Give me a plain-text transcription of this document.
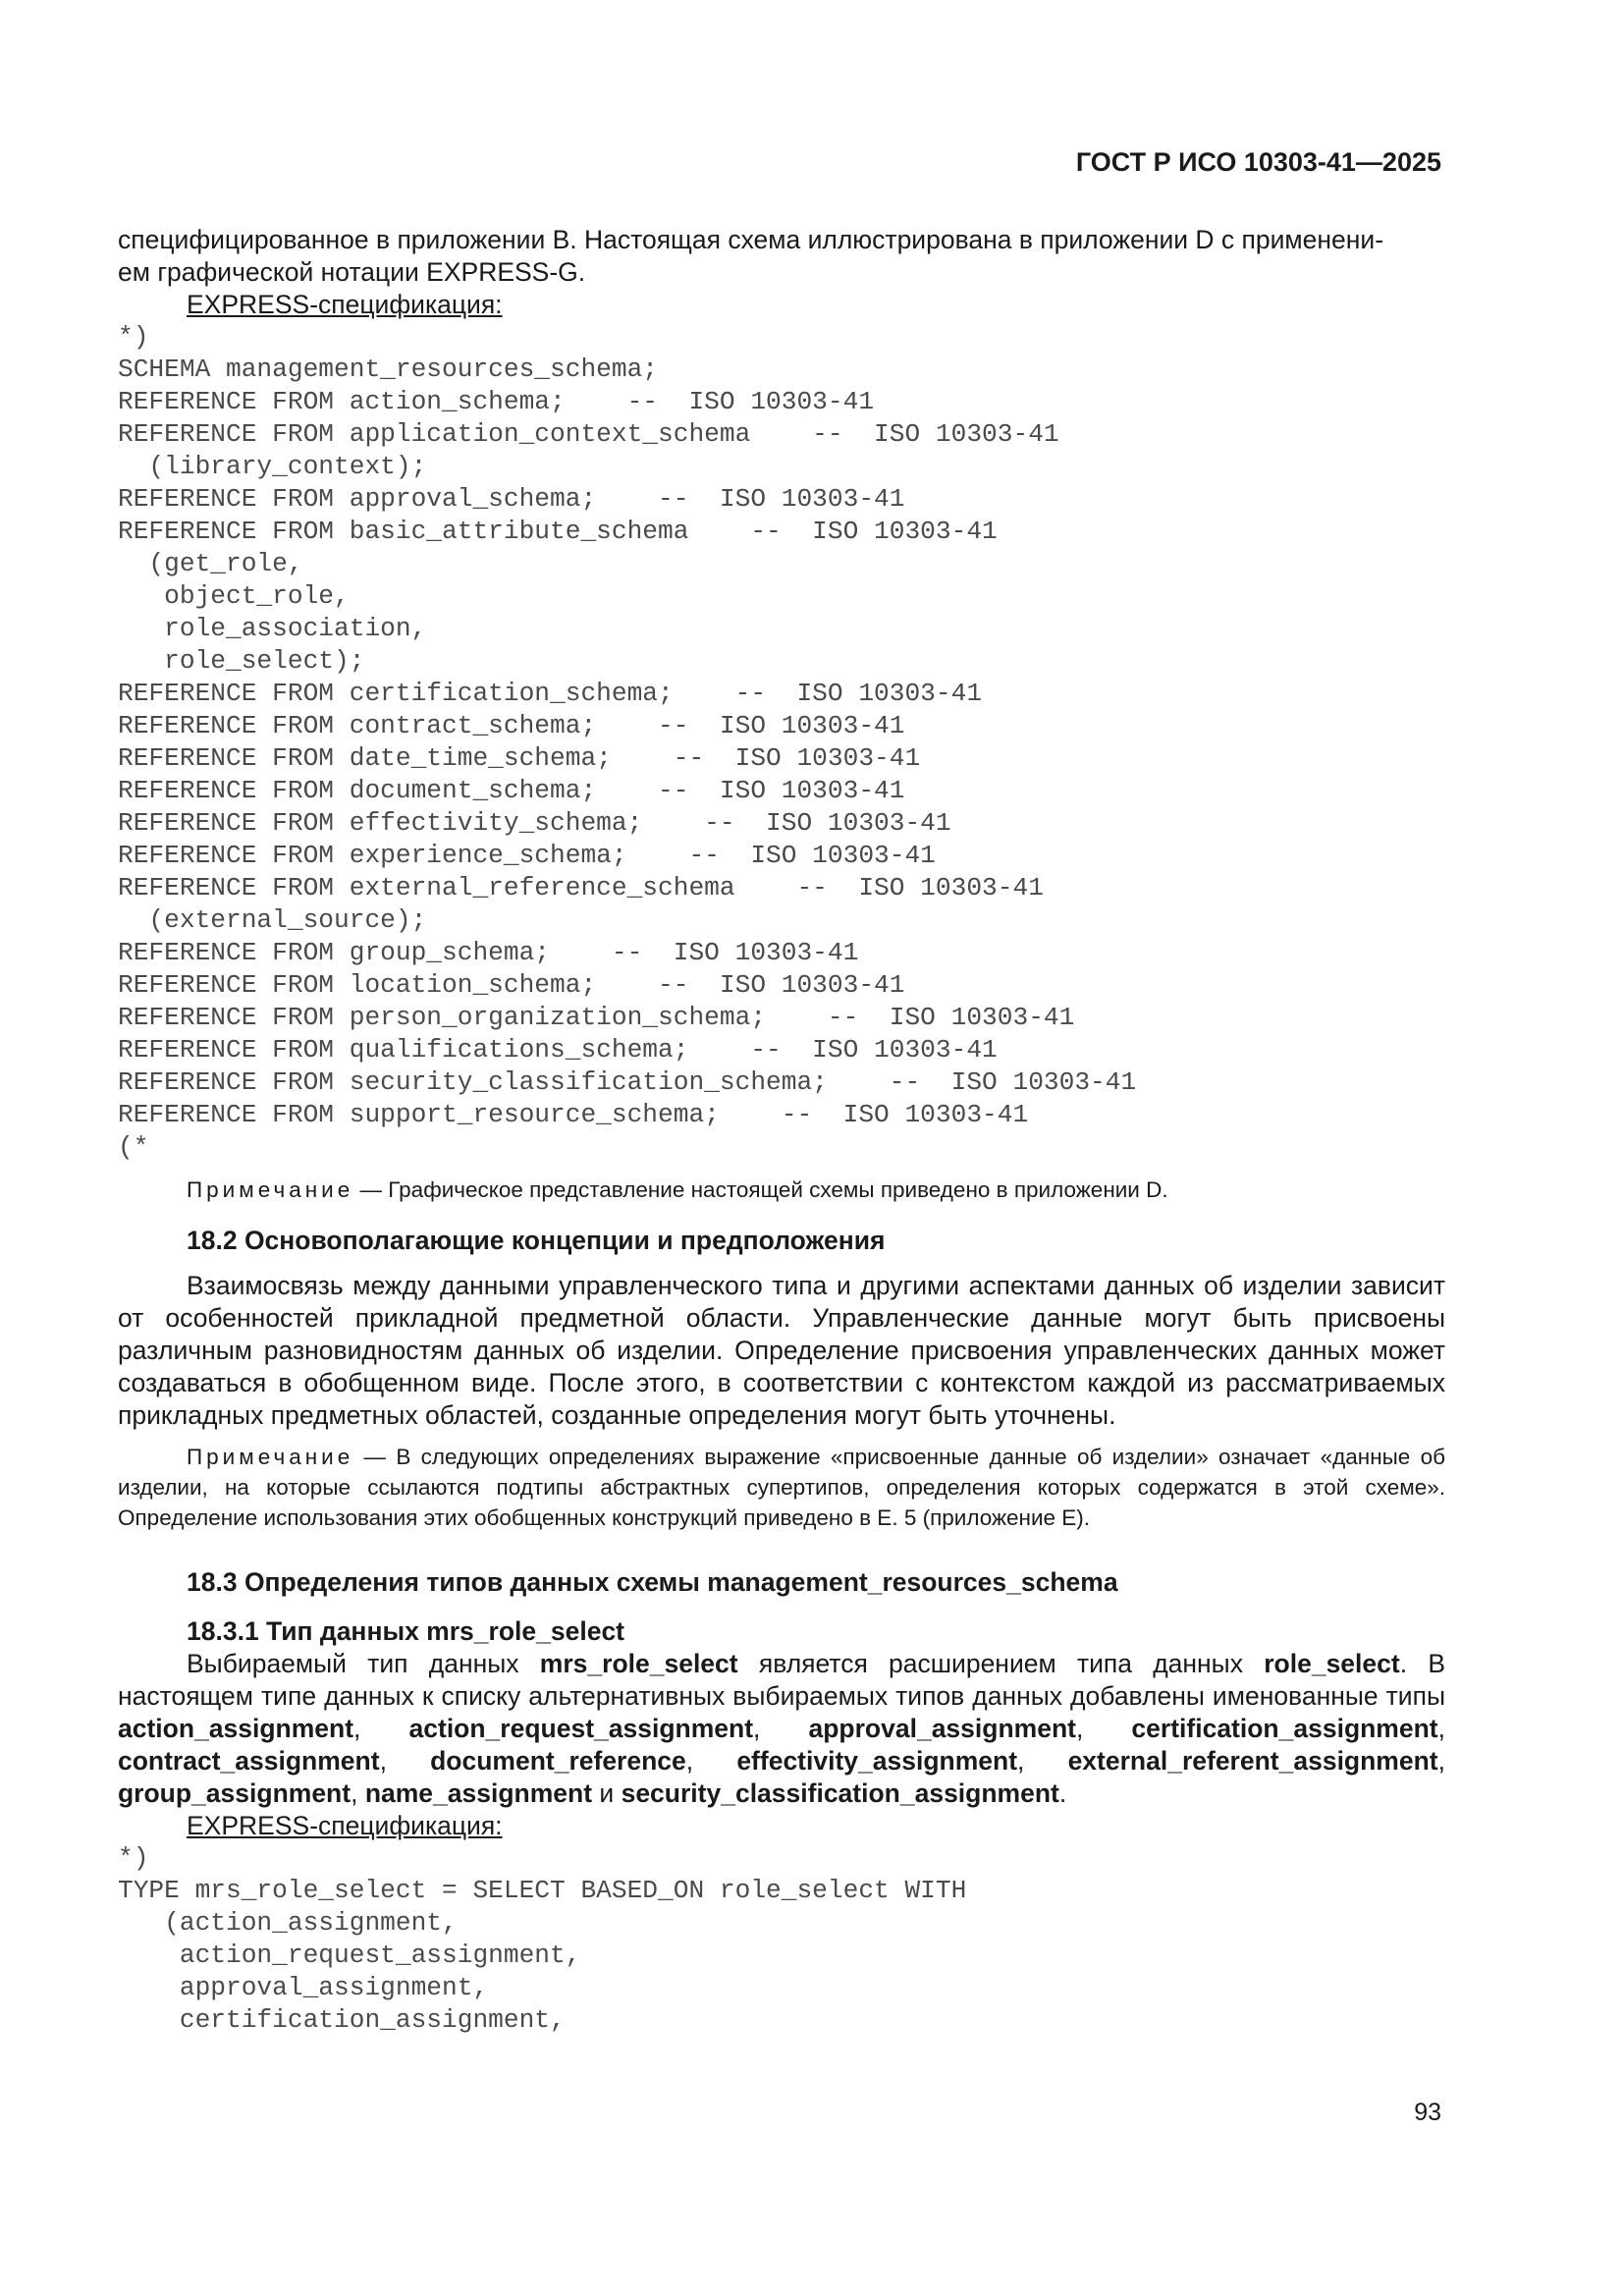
ГОСТ Р ИСО 10303-41—2025

специфицированное в приложении B. Настоящая схема иллюстрирована в приложении D с применени-

ем графической нотации EXPRESS-G.

EXPRESS-спецификация:

*)
SCHEMA management_resources_schema;
REFERENCE FROM action_schema;    --  ISO 10303-41
REFERENCE FROM application_context_schema    --  ISO 10303-41
(library_context);
REFERENCE FROM approval_schema;    --  ISO 10303-41
REFERENCE FROM basic_attribute_schema    --  ISO 10303-41
(get_role,
object_role,
role_association,
role_select);
REFERENCE FROM certification_schema;    --  ISO 10303-41
REFERENCE FROM contract_schema;    --  ISO 10303-41
REFERENCE FROM date_time_schema;    --  ISO 10303-41
REFERENCE FROM document_schema;    --  ISO 10303-41
REFERENCE FROM effectivity_schema;    --  ISO 10303-41
REFERENCE FROM experience_schema;    --  ISO 10303-41
REFERENCE FROM external_reference_schema    --  ISO 10303-41
(external_source);
REFERENCE FROM group_schema;    --  ISO 10303-41
REFERENCE FROM location_schema;    --  ISO 10303-41
REFERENCE FROM person_organization_schema;    --  ISO 10303-41
REFERENCE FROM qualifications_schema;    --  ISO 10303-41
REFERENCE FROM security_classification_schema;    --  ISO 10303-41
REFERENCE FROM support_resource_schema;    --  ISO 10303-41
(*

Примечание — Графическое представление настоящей схемы приведено в приложении D.

18.2 Основополагающие концепции и предположения

Взаимосвязь между данными управленческого типа и другими аспектами данных об изделии зависит от особенностей прикладной предметной области. Управленческие данные могут быть присвоены различным разновидностям данных об изделии. Определение присвоения управленческих данных может создаваться в обобщенном виде. После этого, в соответствии с контекстом каждой из рассматриваемых прикладных предметных областей, созданные определения могут быть уточнены.

Примечание — В следующих определениях выражение «присвоенные данные об изделии» означает «данные об изделии, на которые ссылаются подтипы абстрактных супертипов, определения которых содержатся в этой схеме». Определение использования этих обобщенных конструкций приведено в E. 5 (приложение E).

18.3 Определения типов данных схемы management_resources_schema

18.3.1 Тип данных mrs_role_select

Выбираемый тип данных mrs_role_select является расширением типа данных role_select. В настоящем типе данных к списку альтернативных выбираемых типов данных добавлены именованные типы action_assignment, action_request_assignment, approval_assignment, certification_assignment, contract_assignment, document_reference, effectivity_assignment, external_referent_assignment, group_assignment, name_assignment и security_classification_assignment.

EXPRESS-спецификация:

*)
TYPE mrs_role_select = SELECT BASED_ON role_select WITH
(action_assignment,
action_request_assignment,
approval_assignment,
certification_assignment,
93
